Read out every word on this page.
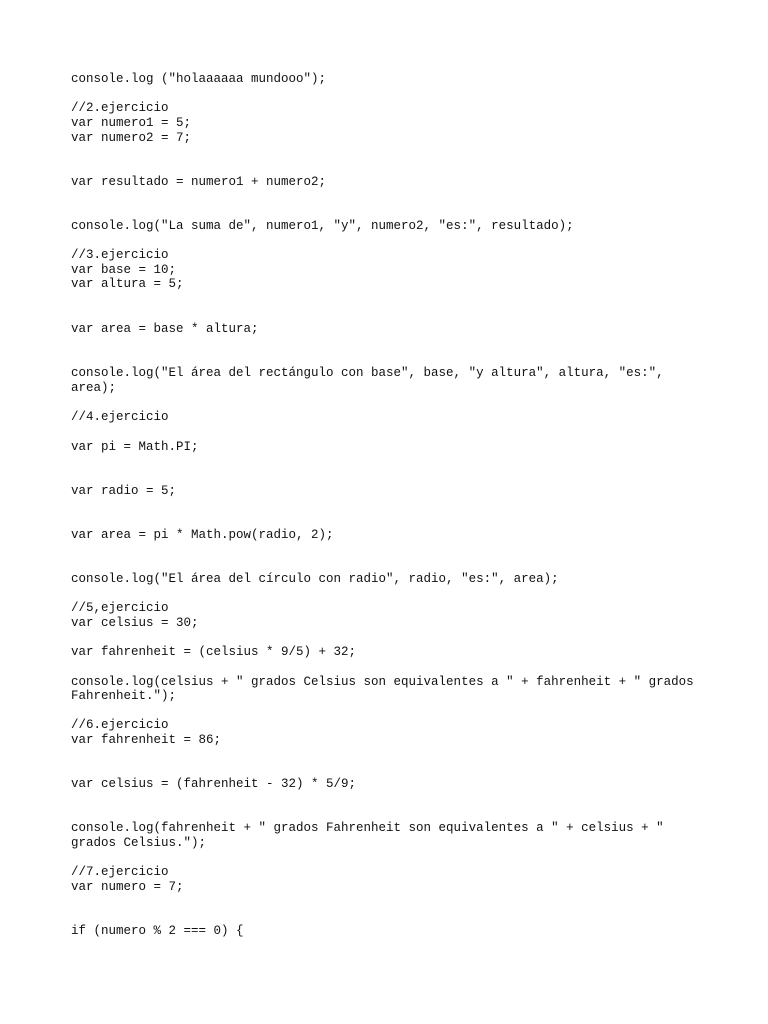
console.log ("holaaaaaa mundooo");
//2.ejercicio
var numero1 = 5;
var numero2 = 7;
var resultado = numero1 + numero2;
console.log("La suma de", numero1, "y", numero2, "es:", resultado);
//3.ejercicio
var base = 10;
var altura = 5;
var area = base * altura;
console.log("El área del rectángulo con base", base, "y altura", altura, "es:",
area);
//4.ejercicio
var pi = Math.PI;
var radio = 5;
var area = pi * Math.pow(radio, 2);
console.log("El área del círculo con radio", radio, "es:", area);
//5,ejercicio
var celsius = 30;
var fahrenheit = (celsius * 9/5) + 32;
console.log(celsius + " grados Celsius son equivalentes a " + fahrenheit + " grados
Fahrenheit.");
//6.ejercicio
var fahrenheit = 86;
var celsius = (fahrenheit - 32) * 5/9;
console.log(fahrenheit + " grados Fahrenheit son equivalentes a " + celsius + "
grados Celsius.");
//7.ejercicio
var numero = 7;
if (numero % 2 === 0) {
